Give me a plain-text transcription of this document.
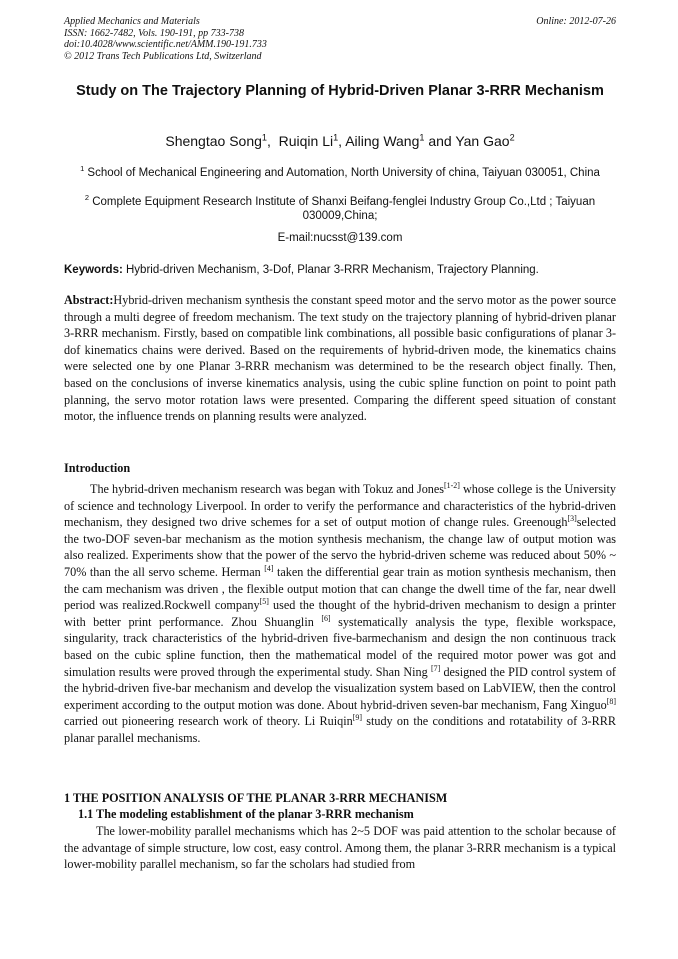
Applied Mechanics and Materials
ISSN: 1662-7482, Vols. 190-191, pp 733-738
doi:10.4028/www.scientific.net/AMM.190-191.733
© 2012 Trans Tech Publications Ltd, Switzerland
Online: 2012-07-26
Study on The Trajectory Planning of Hybrid-Driven Planar 3-RRR Mechanism
Shengtao Song$^1$,  Ruiqin Li$^1$, Ailing Wang$^1$ and Yan Gao$^2$
$^1$ School of Mechanical Engineering and Automation, North University of china, Taiyuan 030051, China
$^2$ Complete Equipment Research Institute of Shanxi Beifang-fenglei Industry Group Co.,Ltd ; Taiyuan 030009,China;
E-mail:nucsst@139.com
Keywords: Hybrid-driven Mechanism, 3-Dof, Planar 3-RRR Mechanism, Trajectory Planning.
Abstract:Hybrid-driven mechanism synthesis the constant speed motor and the servo motor as the power source through a multi degree of freedom mechanism. The text study on the trajectory planning of hybrid-driven planar 3-RRR mechanism. Firstly, based on compatible link combinations, all possible basic configurations of planar 3-dof kinematics chains were derived. Based on the requirements of hybrid-driven mode, the kinematics chains were selected one by one Planar 3-RRR mechanism was determined to be the research object finally. Then, based on the conclusions of inverse kinematics analysis, using the cubic spline function on point to point path planning, the servo motor rotation laws were presented. Comparing the different speed situation of constant motor, the influence trends on planning results were analyzed.
Introduction
The hybrid-driven mechanism research was began with Tokuz and Jones[1-2] whose college is the University of science and technology Liverpool. In order to verify the performance and characteristics of the hybrid-driven mechanism, they designed two drive schemes for a set of output motion of change rules. Greenough[3]selected the two-DOF seven-bar mechanism as the motion synthesis mechanism, the change law of output motion was also realized. Experiments show that the power of the servo the hybrid-driven scheme was reduced about 50% ~ 70% than the all servo scheme. Herman [4] taken the differential gear train as motion synthesis mechanism, then the cam mechanism was driven , the flexible output motion that can change the dwell time of the far, near dwell period was realized.Rockwell company[5] used the thought of the hybrid-driven mechanism to design a printer with better print performance. Zhou Shuanglin [6] systematically analysis the type, flexible workspace, singularity, track characteristics of the hybrid-driven five-barmechanism and design the non continuous track based on the cubic spline function, then the mathematical model of the required motor power was got and simulation results were proved through the experimental study. Shan Ning [7] designed the PID control system of the hybrid-driven five-bar mechanism and develop the visualization system based on LabVIEW, then the control experiment according to the output motion was done. About hybrid-driven seven-bar mechanism, Fang Xinguo[8] carried out pioneering research work of theory. Li Ruiqin[9] study on the conditions and rotatability of 3-RRR planar parallel mechanisms.
1 THE POSITION ANALYSIS OF THE PLANAR 3-RRR MECHANISM
1.1 The modeling establishment of the planar 3-RRR mechanism
The lower-mobility parallel mechanisms which has 2~5 DOF was paid attention to the scholar because of the advantage of simple structure, low cost, easy control. Among them, the planar 3-RRR mechanism is a typical lower-mobility parallel mechanism, so far the scholars had studied from
